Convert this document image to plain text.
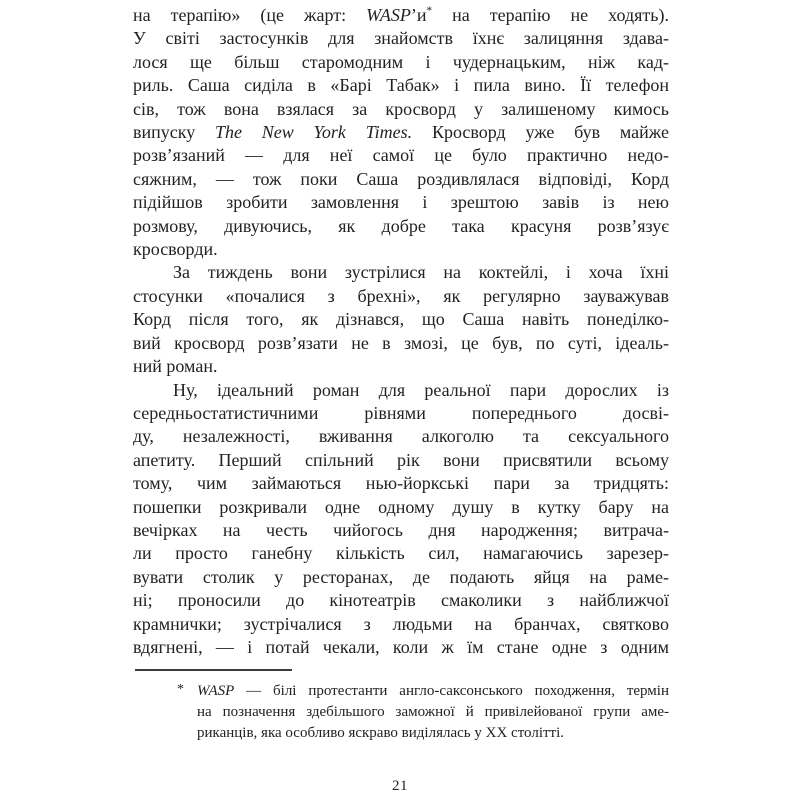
на терапію» (це жарт: WASP’и* на терапію не ходять).
У світі застосунків для знайомств їхнє залицяння здава-
лося ще більш старомодним і чудернацьким, ніж кад-
риль. Саша сиділа в «Барі Табак» і пила вино. Її телефон
сів, тож вона взялася за кросворд у залишеному кимось
випуску The New York Times. Кросворд уже був майже
розв’язаний — для неї самої це було практично недо-
сяжним, — тож поки Саша роздивлялася відповіді, Корд
підійшов зробити замовлення і зрештою завів із нею
розмову, дивуючись, як добре така красуня розв’язує
кросворди.
За тиждень вони зустрілися на коктейлі, і хоча їхні
стосунки «почалися з брехні», як регулярно зауважував
Корд після того, як дізнався, що Саша навіть понеділко-
вий кросворд розв’язати не в змозі, це був, по суті, ідеаль-
ний роман.
Ну, ідеальний роман для реальної пари дорослих із
середньостатистичними рівнями попереднього досві-
ду, незалежності, вживання алкоголю та сексуального
апетиту. Перший спільний рік вони присвятили всьому
тому, чим займаються нью-йоркські пари за тридцять:
пошепки розкривали одне одному душу в кутку бару на
вечірках на честь чийогось дня народження; витрача-
ли просто ганебну кількість сил, намагаючись зарезер-
вувати столик у ресторанах, де подають яйця на раме-
ні; проносили до кінотеатрів смаколики з найближчої
крамнички; зустрічалися з людьми на бранчах, святково
вдягнені, — і потай чекали, коли ж їм стане одне з одним
* WASP — білі протестанти англо-саксонського походження, термін
на позначення здебільшого заможної й привілейованої групи аме-
риканців, яка особливо яскраво виділялась у XX столітті.
21
